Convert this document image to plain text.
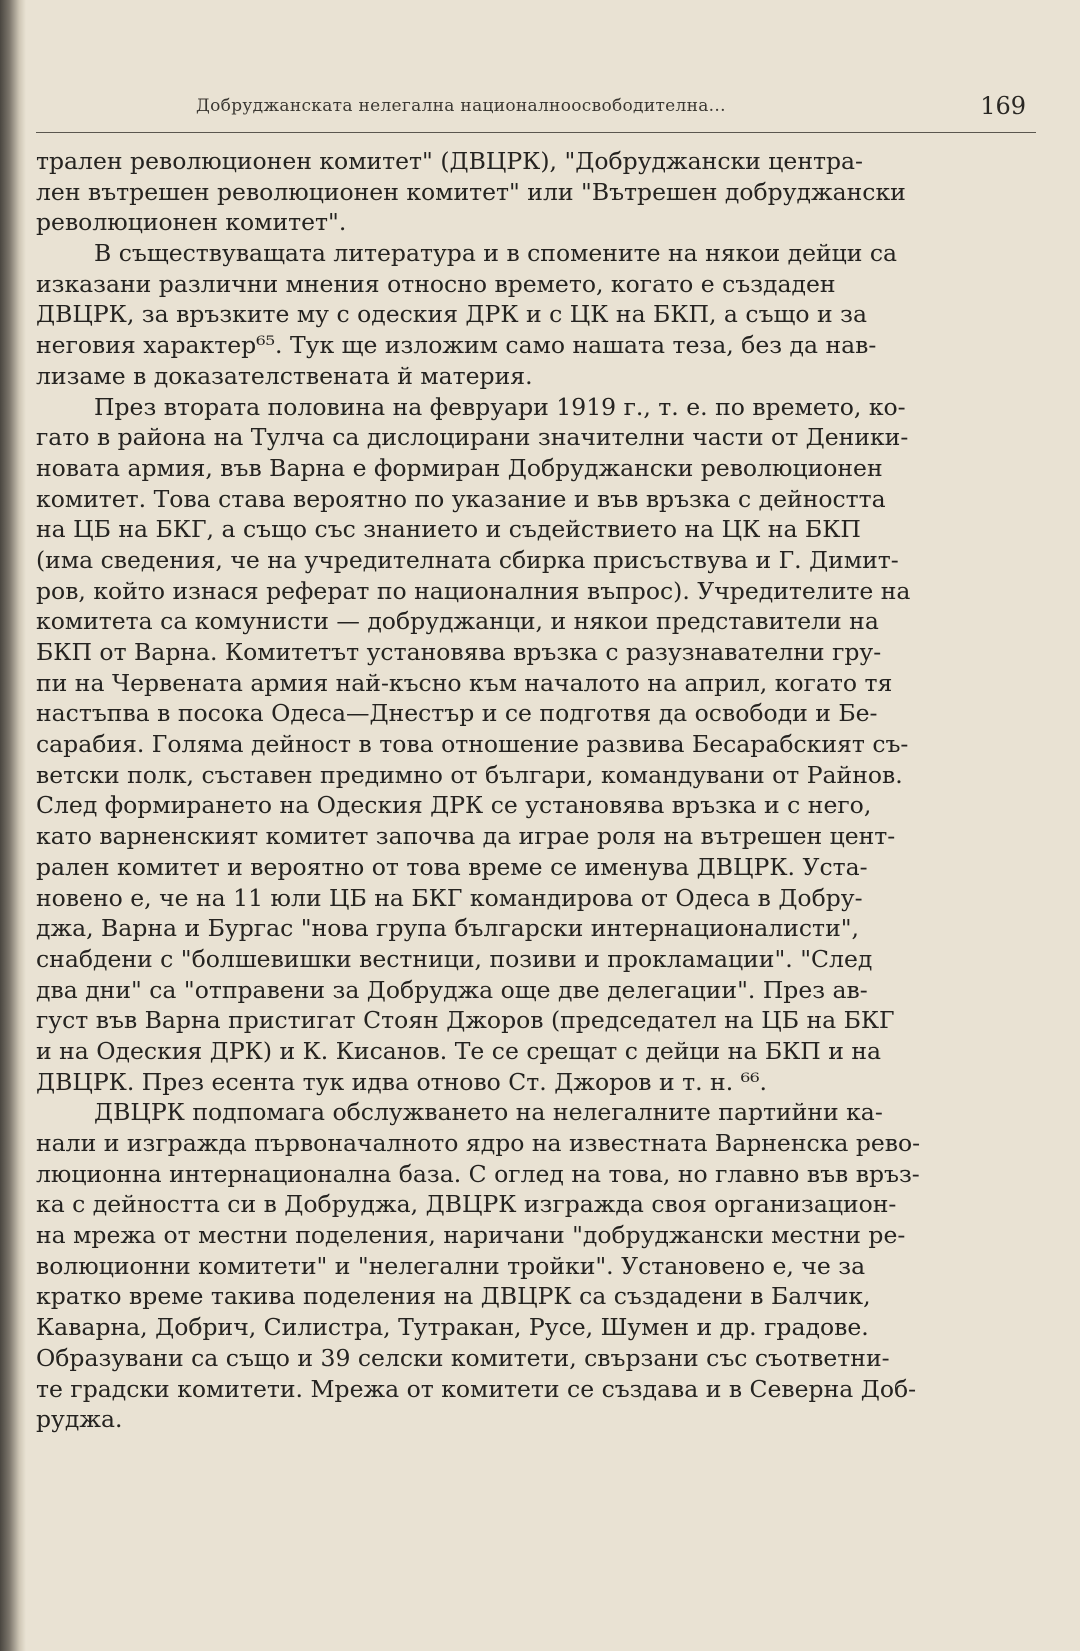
Добруджанската нелегална националноосвободителна...	169

трален революционен комитет" (ДВЦРК), "Добруджански центра-
лен вътрешен революционен комитет" или "Вътрешен добруджански
революционен комитет".

В съществуващата литература и в спомените на някои дейци са
изказани различни мнения относно времето, когато е създаден
ДВЦРК, за връзките му с одеския ДРК и с ЦК на БКП, а също и за
неговия характер⁶⁵. Тук ще изложим само нашата теза, без да нав-
лизаме в доказателствената й материя.

През втората половина на февруари 1919 г., т. е. по времето, ко-
гато в района на Тулча са дислоцирани значителни части от Деники-
новата армия, във Варна е формиран Добруджански революционен
комитет. Това става вероятно по указание и във връзка с дейността
на ЦБ на БКГ, а също със знанието и съдействието на ЦК на БКП
(има сведения, че на учредителната сбирка присъствува и Г. Димит-
ров, който изнася реферат по националния въпрос). Учредителите на
комитета са комунисти — добруджанци, и някои представители на
БКП от Варна. Комитетът установява връзка с разузнавателни гру-
пи на Червената армия най-късно към началото на април, когато тя
настъпва в посока Одеса—Днестър и се подготвя да освободи и Бе-
сарабия. Голяма дейност в това отношение развива Бесарабският съ-
ветски полк, съставен предимно от българи, командувани от Райнов.
След формирането на Одеския ДРК се установява връзка и с него,
като варненският комитет започва да играе роля на вътрешен цент-
рален комитет и вероятно от това време се именува ДВЦРК. Уста-
новено е, че на 11 юли ЦБ на БКГ командирова от Одеса в Добру-
джа, Варна и Бургас "нова група български интернационалисти",
снабдени с "болшевишки вестници, позиви и прокламации". "След
два дни" са "отправени за Добруджа още две делегации". През ав-
густ във Варна пристигат Стоян Джоров (председател на ЦБ на БКГ
и на Одеския ДРК) и К. Кисанов. Те се срещат с дейци на БКП и на
ДВЦРК. През есента тук идва отново Ст. Джоров и т. н. ⁶⁶.

ДВЦРК подпомага обслужването на нелегалните партийни ка-
нали и изгражда първоначалното ядро на известната Варненска рево-
люционна интернационална база. С оглед на това, но главно във връз-
ка с дейността си в Добруджа, ДВЦРК изгражда своя организацион-
на мрежа от местни поделения, наричани "добруджански местни ре-
волюционни комитети" и "нелегални тройки". Установено е, че за
кратко време такива поделения на ДВЦРК са създадени в Балчик,
Каварна, Добрич, Силистра, Тутракан, Русе, Шумен и др. градове.
Образувани са също и 39 селски комитети, свързани със съответни-
те градски комитети. Мрежа от комитети се създава и в Северна Доб-
руджа.
